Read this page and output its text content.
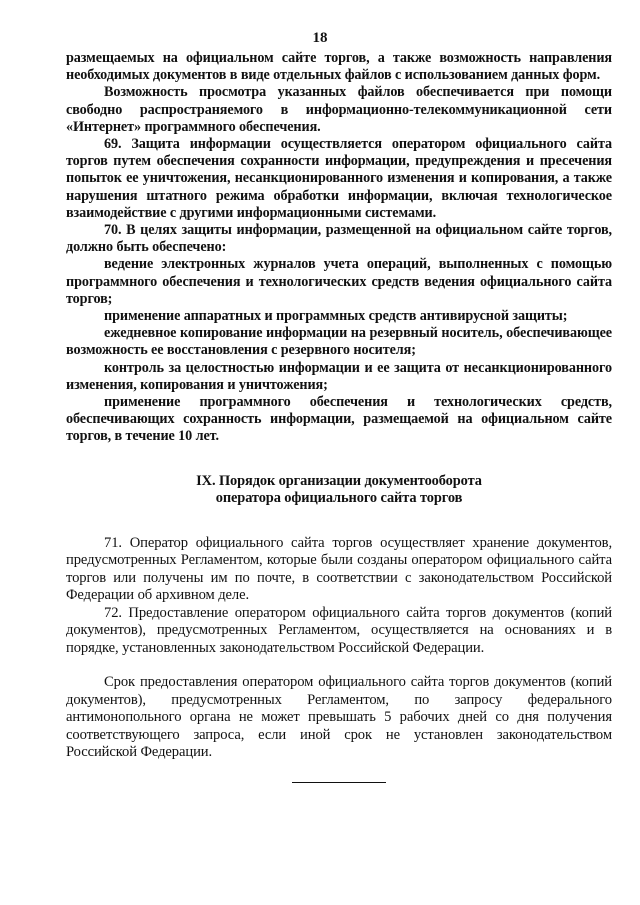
18

размещаемых на официальном сайте торгов, а также возможность направления необходимых документов в виде отдельных файлов с использованием данных форм.

Возможность просмотра указанных файлов обеспечивается при помощи свободно распространяемого в информационно-телекоммуникационной сети «Интернет» программного обеспечения.

69. Защита информации осуществляется оператором официального сайта торгов путем обеспечения сохранности информации, предупреждения и пресечения попыток ее уничтожения, несанкционированного изменения и копирования, а также нарушения штатного режима обработки информации, включая технологическое взаимодействие с другими информационными системами.

70. В целях защиты информации, размещенной на официальном сайте торгов, должно быть обеспечено:

ведение электронных журналов учета операций, выполненных с помощью программного обеспечения и технологических средств ведения официального сайта торгов;

применение аппаратных и программных средств антивирусной защиты;

ежедневное копирование информации на резервный носитель, обеспечивающее возможность ее восстановления с резервного носителя;

контроль за целостностью информации и ее защита от несанкционированного изменения, копирования и уничтожения;

применение программного обеспечения и технологических средств, обеспечивающих сохранность информации, размещаемой на официальном сайте торгов, в течение 10 лет.

IX. Порядок организации документооборота
оператора официального сайта торгов

71. Оператор официального сайта торгов осуществляет хранение документов, предусмотренных Регламентом, которые были созданы оператором официального сайта торгов или получены им по почте, в соответствии с законодательством Российской Федерации об архивном деле.

72. Предоставление оператором официального сайта торгов документов (копий документов), предусмотренных Регламентом, осуществляется на основаниях и в порядке, установленных законодательством Российской Федерации.

Срок предоставления оператором официального сайта торгов документов (копий документов), предусмотренных Регламентом, по запросу федерального антимонопольного органа не может превышать 5 рабочих дней со дня получения соответствующего запроса, если иной срок не установлен законодательством Российской Федерации.
